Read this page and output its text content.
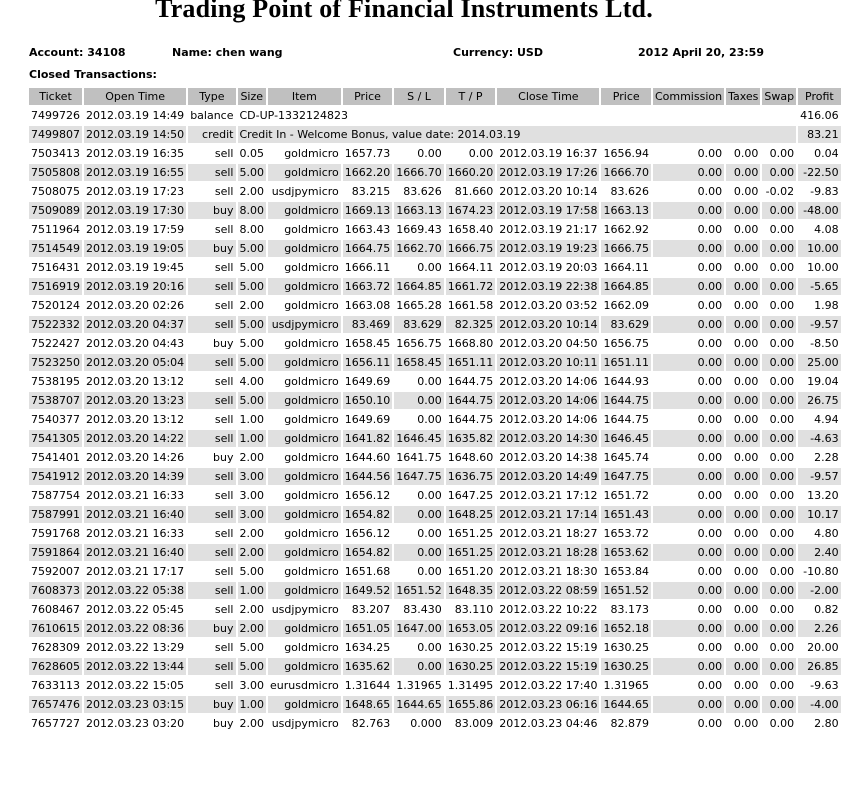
Trading Point of Financial Instruments Ltd.
Account: 34108	Name: chen wang	Currency: USD	2012 April 20, 23:59
Closed Transactions:
Ticket	Open Time	Type	Size	Item	Price	S / L	T / P	Close Time	Price	Commission	Taxes	Swap	Profit
7499726	2012.03.19 14:49	balance	CD-UP-1332124823										416.06
7499807	2012.03.19 14:50	credit	Credit In - Welcome Bonus, value date: 2014.03.19										83.21
7503413	2012.03.19 16:35	sell	0.05	goldmicro	1657.73	0.00	0.00	2012.03.19 16:37	1656.94	0.00	0.00	0.00	0.04
7505808	2012.03.19 16:55	sell	5.00	goldmicro	1662.20	1666.70	1660.20	2012.03.19 17:26	1666.70	0.00	0.00	0.00	-22.50
7508075	2012.03.19 17:23	sell	2.00	usdjpymicro	83.215	83.626	81.660	2012.03.20 10:14	83.626	0.00	0.00	-0.02	-9.83
7509089	2012.03.19 17:30	buy	8.00	goldmicro	1669.13	1663.13	1674.23	2012.03.19 17:58	1663.13	0.00	0.00	0.00	-48.00
7511964	2012.03.19 17:59	sell	8.00	goldmicro	1663.43	1669.43	1658.40	2012.03.19 21:17	1662.92	0.00	0.00	0.00	4.08
7514549	2012.03.19 19:05	buy	5.00	goldmicro	1664.75	1662.70	1666.75	2012.03.19 19:23	1666.75	0.00	0.00	0.00	10.00
7516431	2012.03.19 19:45	sell	5.00	goldmicro	1666.11	0.00	1664.11	2012.03.19 20:03	1664.11	0.00	0.00	0.00	10.00
7516919	2012.03.19 20:16	sell	5.00	goldmicro	1663.72	1664.85	1661.72	2012.03.19 22:38	1664.85	0.00	0.00	0.00	-5.65
7520124	2012.03.20 02:26	sell	2.00	goldmicro	1663.08	1665.28	1661.58	2012.03.20 03:52	1662.09	0.00	0.00	0.00	1.98
7522332	2012.03.20 04:37	sell	5.00	usdjpymicro	83.469	83.629	82.325	2012.03.20 10:14	83.629	0.00	0.00	0.00	-9.57
7522427	2012.03.20 04:43	buy	5.00	goldmicro	1658.45	1656.75	1668.80	2012.03.20 04:50	1656.75	0.00	0.00	0.00	-8.50
7523250	2012.03.20 05:04	sell	5.00	goldmicro	1656.11	1658.45	1651.11	2012.03.20 10:11	1651.11	0.00	0.00	0.00	25.00
7538195	2012.03.20 13:12	sell	4.00	goldmicro	1649.69	0.00	1644.75	2012.03.20 14:06	1644.93	0.00	0.00	0.00	19.04
7538707	2012.03.20 13:23	sell	5.00	goldmicro	1650.10	0.00	1644.75	2012.03.20 14:06	1644.75	0.00	0.00	0.00	26.75
7540377	2012.03.20 13:12	sell	1.00	goldmicro	1649.69	0.00	1644.75	2012.03.20 14:06	1644.75	0.00	0.00	0.00	4.94
7541305	2012.03.20 14:22	sell	1.00	goldmicro	1641.82	1646.45	1635.82	2012.03.20 14:30	1646.45	0.00	0.00	0.00	-4.63
7541401	2012.03.20 14:26	buy	2.00	goldmicro	1644.60	1641.75	1648.60	2012.03.20 14:38	1645.74	0.00	0.00	0.00	2.28
7541912	2012.03.20 14:39	sell	3.00	goldmicro	1644.56	1647.75	1636.75	2012.03.20 14:49	1647.75	0.00	0.00	0.00	-9.57
7587754	2012.03.21 16:33	sell	3.00	goldmicro	1656.12	0.00	1647.25	2012.03.21 17:12	1651.72	0.00	0.00	0.00	13.20
7587991	2012.03.21 16:40	sell	3.00	goldmicro	1654.82	0.00	1648.25	2012.03.21 17:14	1651.43	0.00	0.00	0.00	10.17
7591768	2012.03.21 16:33	sell	2.00	goldmicro	1656.12	0.00	1651.25	2012.03.21 18:27	1653.72	0.00	0.00	0.00	4.80
7591864	2012.03.21 16:40	sell	2.00	goldmicro	1654.82	0.00	1651.25	2012.03.21 18:28	1653.62	0.00	0.00	0.00	2.40
7592007	2012.03.21 17:17	sell	5.00	goldmicro	1651.68	0.00	1651.20	2012.03.21 18:30	1653.84	0.00	0.00	0.00	-10.80
7608373	2012.03.22 05:38	sell	1.00	goldmicro	1649.52	1651.52	1648.35	2012.03.22 08:59	1651.52	0.00	0.00	0.00	-2.00
7608467	2012.03.22 05:45	sell	2.00	usdjpymicro	83.207	83.430	83.110	2012.03.22 10:22	83.173	0.00	0.00	0.00	0.82
7610615	2012.03.22 08:36	buy	2.00	goldmicro	1651.05	1647.00	1653.05	2012.03.22 09:16	1652.18	0.00	0.00	0.00	2.26
7628309	2012.03.22 13:29	sell	5.00	goldmicro	1634.25	0.00	1630.25	2012.03.22 15:19	1630.25	0.00	0.00	0.00	20.00
7628605	2012.03.22 13:44	sell	5.00	goldmicro	1635.62	0.00	1630.25	2012.03.22 15:19	1630.25	0.00	0.00	0.00	26.85
7633113	2012.03.22 15:05	sell	3.00	eurusdmicro	1.31644	1.31965	1.31495	2012.03.22 17:40	1.31965	0.00	0.00	0.00	-9.63
7657476	2012.03.23 03:15	buy	1.00	goldmicro	1648.65	1644.65	1655.86	2012.03.23 06:16	1644.65	0.00	0.00	0.00	-4.00
7657727	2012.03.23 03:20	buy	2.00	usdjpymicro	82.763	0.000	83.009	2012.03.23 04:46	82.879	0.00	0.00	0.00	2.80
